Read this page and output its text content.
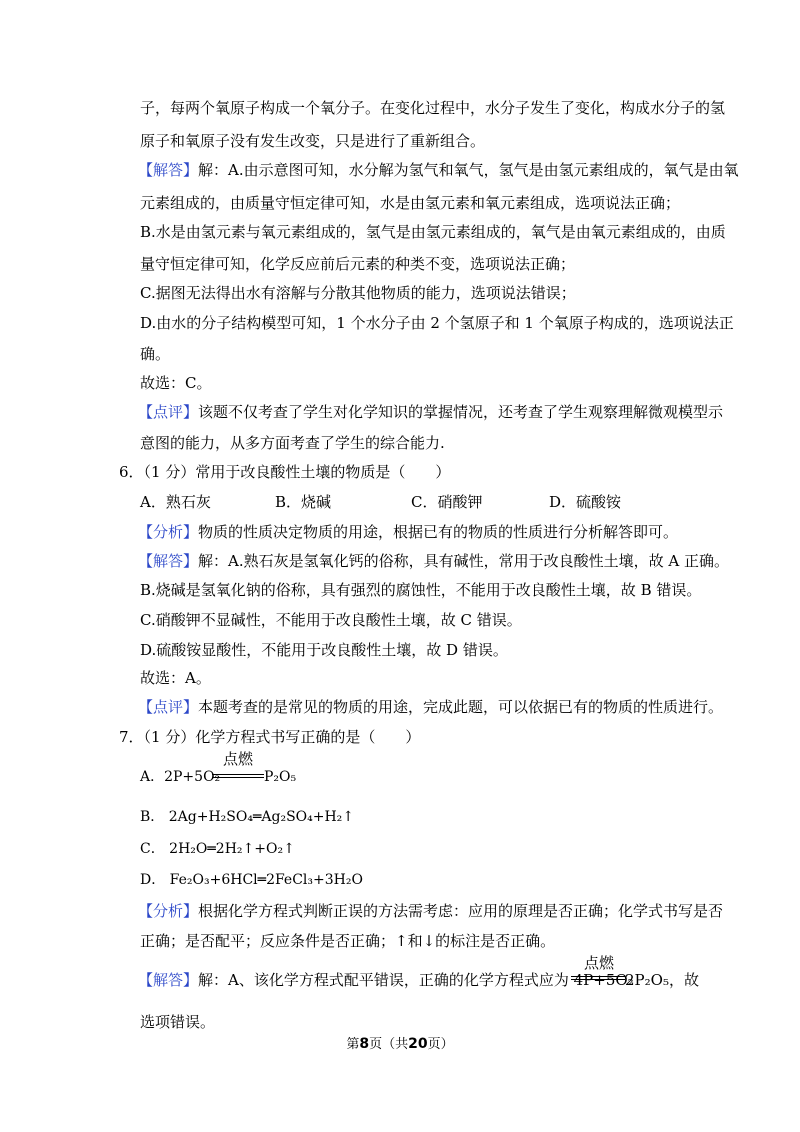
子，每两个氧原子构成一个氧分子。在变化过程中，水分子发生了变化，构成水分子的氢
原子和氧原子没有发生改变，只是进行了重新组合。
【解答】解：A.由示意图可知，水分解为氢气和氧气，氢气是由氢元素组成的，氧气是由氧
元素组成的，由质量守恒定律可知，水是由氢元素和氧元素组成，选项说法正确；
B.水是由氢元素与氧元素组成的，氢气是由氢元素组成的，氧气是由氧元素组成的，由质
量守恒定律可知，化学反应前后元素的种类不变，选项说法正确；
C.据图无法得出水有溶解与分散其他物质的能力，选项说法错误；
D.由水的分子结构模型可知，1 个水分子由 2 个氢原子和 1 个氧原子构成的，选项说法正
确。
故选：C。
【点评】该题不仅考查了学生对化学知识的掌握情况，还考查了学生观察理解微观模型示
意图的能力，从多方面考查了学生的综合能力.
6．（1 分）常用于改良酸性土壤的物质是（　　）
A．熟石灰	B．烧碱	C．硝酸钾	D．硫酸铵
【分析】物质的性质决定物质的用途，根据已有的物质的性质进行分析解答即可。
【解答】解：A.熟石灰是氢氧化钙的俗称，具有碱性，常用于改良酸性土壤，故 A 正确。
B.烧碱是氢氧化钠的俗称，具有强烈的腐蚀性，不能用于改良酸性土壤，故 B 错误。
C.硝酸钾不显碱性，不能用于改良酸性土壤，故 C 错误。
D.硫酸铵显酸性，不能用于改良酸性土壤，故 D 错误。
故选：A。
【点评】本题考查的是常见的物质的用途，完成此题，可以依据已有的物质的性质进行。
7．（1 分）化学方程式书写正确的是（　　）
A．2P+5O₂
点燃
P₂O₅
B． 2Ag+H₂SO₄═Ag₂SO₄+H₂↑
C． 2H₂O═2H₂↑+O₂↑
D． Fe₂O₃+6HCl═2FeCl₃+3H₂O
【分析】根据化学方程式判断正误的方法需考虑：应用的原理是否正确；化学式书写是否
正确；是否配平；反应条件是否正确；↑和↓的标注是否正确。
【解答】解：A、该化学方程式配平错误，正确的化学方程式应为 4P+5O₂
点燃
2P₂O₅，故
选项错误。
第8页（共20页）
